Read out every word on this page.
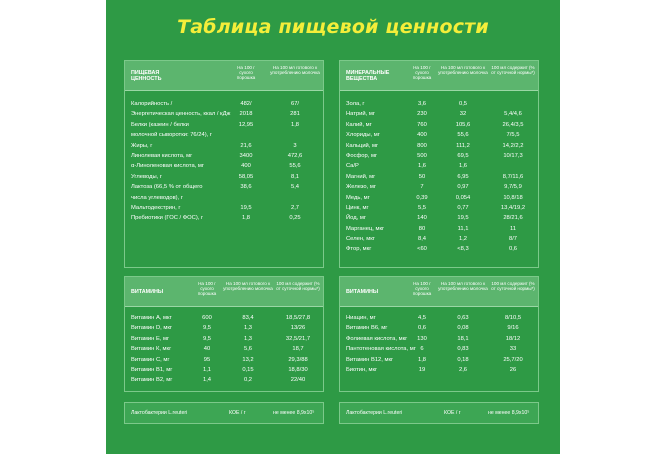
Таблица пищевой ценности
ПИЩЕВАЯ ЦЕННОСТЬ
На 100 г сухого порошка
На 100 мл готового к употреблению молочка
Калорийность /	482/	67/
Энергетическая ценность, ккал / кДж	2018	281
Белки (казеин / белки	12,95	1,8
молочной сыворотки: 76/24), г
Жиры, г	21,6	3
Линолевая кислота, мг	3400	472,6
α-Линоленовая кислота, мг	400	55,6
Углеводы, г	58,05	8,1
Лактоза (66,5 % от общего	38,6	5,4
числа углеводов), г
Мальтодекстрин, г	19,5	2,7
Пребиотики (ГОС / ФОС), г	1,8	0,25
МИНЕРАЛЬНЫЕ ВЕЩЕСТВА
На 100 г сухого порошка
На 100 мл готового к употреблению молочка
100 мл содержит (% от суточной нормы*)
Зола, г	3,6	0,5
Натрий, мг	230	32	5,4/4,6
Калий, мг	760	105,6	26,4/3,5
Хлориды, мг	400	55,6	7/5,5
Кальций, мг	800	111,2	14,2/2,2
Фосфор, мг	500	69,5	10/17,3
Ca/P	1,6	1,6
Магний, мг	50	6,95	8,7/11,6
Железо, мг	7	0,97	9,7/5,9
Медь, мг	0,39	0,054	10,8/18
Цинк, мг	5,5	0,77	13,4/19,2
Йод, мг	140	19,5	28/21,6
Марганец, мкг	80	11,1	11
Селен, мкг	8,4	1,2	8/7
Фтор, мкг	<60	<8,3	0,6
ВИТАМИНЫ
На 100 г сухого порошка
На 100 мл готового к употреблению молочка
100 мл содержит (% от суточной нормы*)
Витамин А, мкг	600	83,4	18,5/27,8
Витамин D, мкг	9,5	1,3	13/26
Витамин Е, мг	9,5	1,3	32,5/21,7
Витамин К, мкг	40	5,6	18,7
Витамин С, мг	95	13,2	29,3/88
Витамин В1, мг	1,1	0,15	18,8/30
Витамин В2, мг	1,4	0,2	22/40
ВИТАМИНЫ
На 100 г сухого порошка
На 100 мл готового к употреблению молочка
100 мл содержит (% от суточной нормы*)
Ниацин, мг	4,5	0,63	8/10,5
Витамин В6, мг	0,6	0,08	9/16
Фолиевая кислота, мкг	130	18,1	18/12
Пантотеновая кислота, мг 6	0,83	33
Витамин В12, мкг	1,8	0,18	25,7/20
Биотин, мкг	19	2,6	26
Лактобактерии L.reuteri	КОЕ / г	не менее 8,9x10⁵	Лактобактерии L.reuteri	КОЕ / г	не менее 8,9x10⁵
